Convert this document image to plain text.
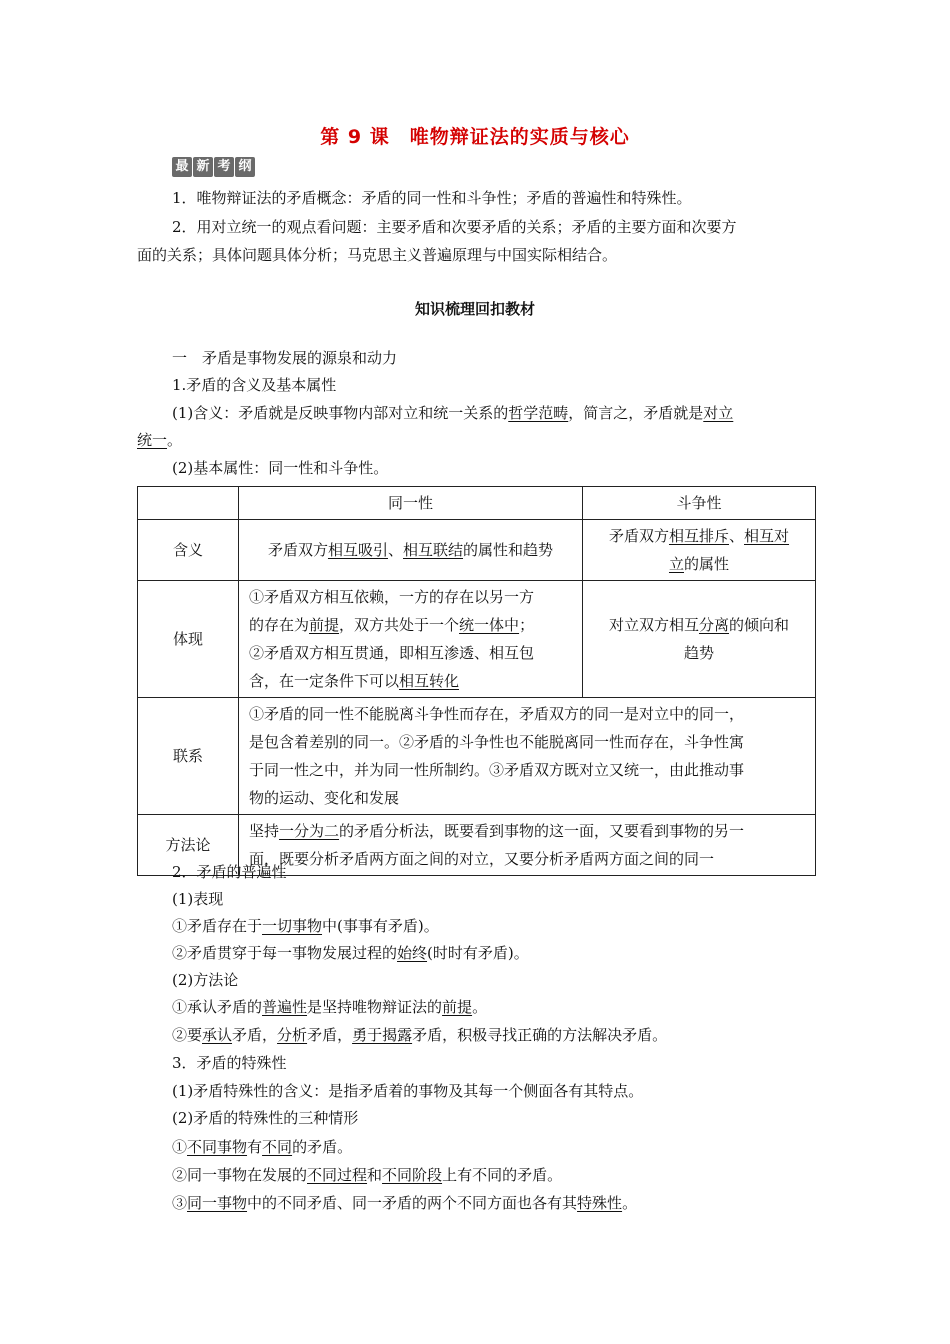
第 9 课　唯物辩证法的实质与核心
最 新 考 纲
1．唯物辩证法的矛盾概念：矛盾的同一性和斗争性；矛盾的普遍性和特殊性。
2．用对立统一的观点看问题：主要矛盾和次要矛盾的关系；矛盾的主要方面和次要方
面的关系；具体问题具体分析；马克思主义普遍原理与中国实际相结合。
知识梳理回扣教材
一　矛盾是事物发展的源泉和动力
1.矛盾的含义及基本属性
(1)含义：矛盾就是反映事物内部对立和统一关系的哲学范畴，简言之，矛盾就是对立
统一。
(2)基本属性：同一性和斗争性。
	同一性	斗争性
含义	矛盾双方相互吸引、相互联结的属性和趋势	矛盾双方相互排斥、相互对
立的属性
体现	①矛盾双方相互依赖，一方的存在以另一方
的存在为前提，双方共处于一个统一体中；
②矛盾双方相互贯通，即相互渗透、相互包
含，在一定条件下可以相互转化	对立双方相互分离的倾向和
趋势
联系	①矛盾的同一性不能脱离斗争性而存在，矛盾双方的同一是对立中的同一，
是包含着差别的同一。②矛盾的斗争性也不能脱离同一性而存在，斗争性寓
于同一性之中，并为同一性所制约。③矛盾双方既对立又统一，由此推动事
物的运动、变化和发展	
方法论	坚持一分为二的矛盾分析法，既要看到事物的这一面，又要看到事物的另一
面，既要分析矛盾两方面之间的对立，又要分析矛盾两方面之间的同一	
2．矛盾的普遍性
(1)表现
①矛盾存在于一切事物中(事事有矛盾)。
②矛盾贯穿于每一事物发展过程的始终(时时有矛盾)。
(2)方法论
①承认矛盾的普遍性是坚持唯物辩证法的前提。
②要承认矛盾，分析矛盾，勇于揭露矛盾，积极寻找正确的方法解决矛盾。
3．矛盾的特殊性
(1)矛盾特殊性的含义：是指矛盾着的事物及其每一个侧面各有其特点。
(2)矛盾的特殊性的三种情形
①不同事物有不同的矛盾。
②同一事物在发展的不同过程和不同阶段上有不同的矛盾。
③同一事物中的不同矛盾、同一矛盾的两个不同方面也各有其特殊性。
